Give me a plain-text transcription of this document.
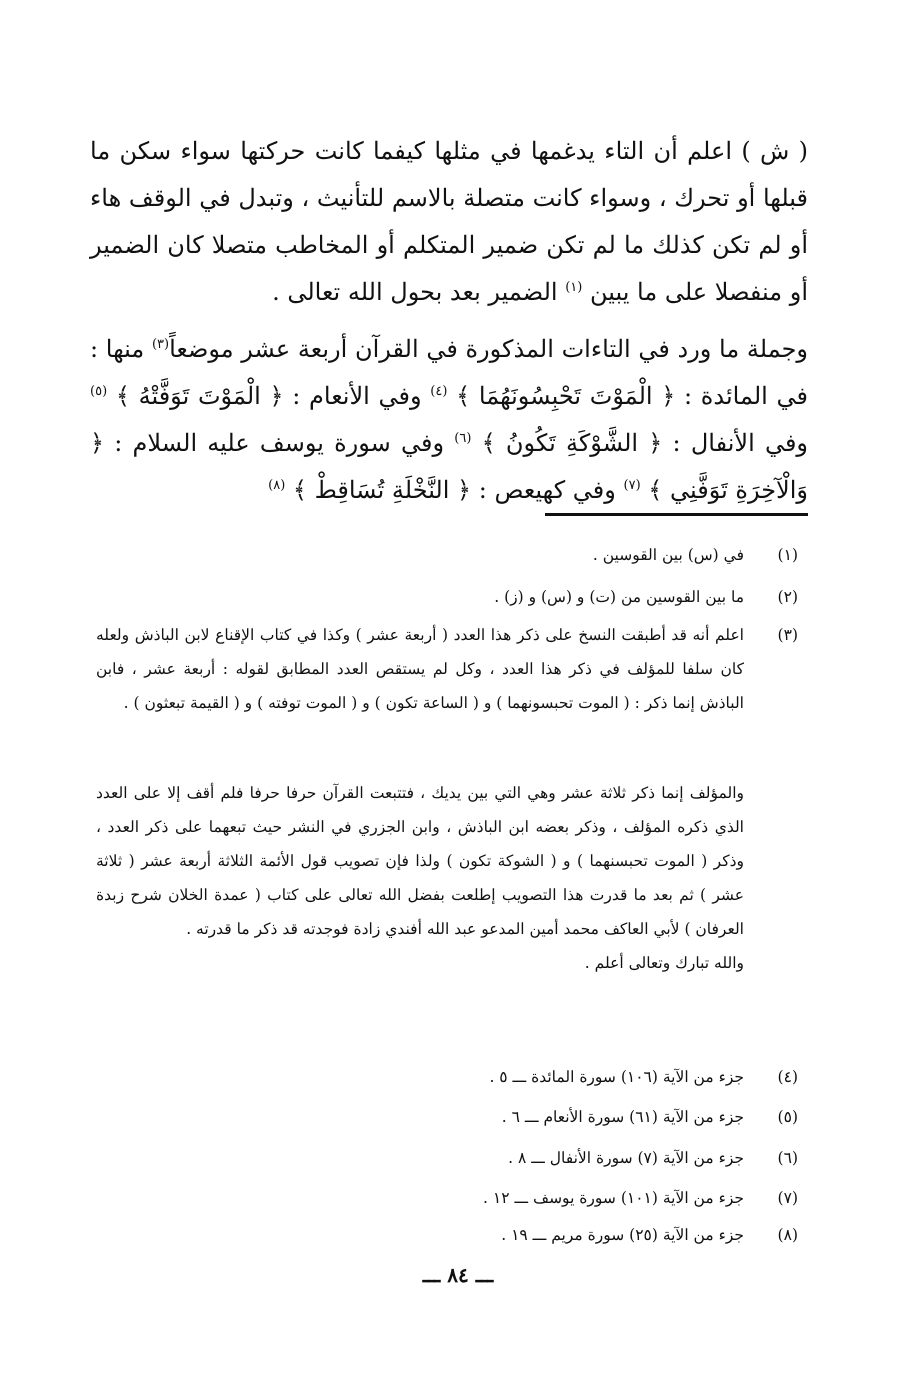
( ش ) اعلم أن التاء يدغمها في مثلها كيفما كانت حركتها سواء سكن ما قبلها أو تحرك ، وسواء كانت متصلة بالاسم للتأنيث ، وتبدل في الوقف هاء أو لم تكن كذلك ما لم تكن ضمير المتكلم أو المخاطب متصلا كان الضمير أو منفصلا على ما يبين $^{(١)}$ الضمير بعد بحول الله تعالى .

وجملة ما ورد في التاءات المذكورة في القرآن أربعة عشر موضعاً$^{(٣)}$ منها : في المائدة : ﴿ الْمَوْتَ تَحْبِسُونَهُمَا ﴾ $^{(٤)}$ وفي الأنعام : ﴿ الْمَوْتَ تَوَفَّتْهُ ﴾ $^{(٥)}$ وفي الأنفال : ﴿ الشَّوْكَةِ تَكُونُ ﴾ $^{(٦)}$ وفي سورة يوسف عليه السلام : ﴿ وَالْآخِرَةِ تَوَفَّنِي ﴾ $^{(٧)}$ وفي كهيعص : ﴿ النَّخْلَةِ تُسَاقِطْ ﴾ $^{(٨)}$

(١)
في (س) بين القوسين .
(٢)
ما بين القوسين من (ت) و (س) و (ز) .
(٣)
اعلم أنه قد أطبقت النسخ على ذكر هذا العدد ( أربعة عشر ) وكذا في كتاب الإقناع لابن الباذش ولعله كان سلفا للمؤلف في ذكر هذا العدد ، وكل لم يستقص العدد المطابق لقوله : أربعة عشر ، فابن الباذش إنما ذكر : ( الموت تحبسونهما ) و ( الساعة تكون ) و ( الموت توفته ) و ( القيمة تبعثون ) .

والمؤلف إنما ذكر ثلاثة عشر وهي التي بين يديك ، فتتبعت القرآن حرفا حرفا فلم أقف إلا على العدد الذي ذكره المؤلف ، وذكر بعضه ابن الباذش ، وابن الجزري في النشر حيث تبعهما على ذكر العدد ، وذكر ( الموت تحبسنهما ) و ( الشوكة تكون ) ولذا فإن تصويب قول الأئمة الثلاثة أربعة عشر ( ثلاثة عشر ) ثم بعد ما قدرت هذا التصويب إطلعت بفضل الله تعالى على كتاب ( عمدة الخلان شرح زبدة العرفان ) لأبي العاكف محمد أمين المدعو عبد الله أفندي زادة فوجدته قد ذكر ما قدرته .

والله تبارك وتعالى أعلم .

(٤)
جزء من الآية (١٠٦) سورة المائدة ـــ ٥ .
(٥)
جزء من الآية (٦١) سورة الأنعام ـــ ٦ .
(٦)
جزء من الآية (٧) سورة الأنفال ـــ ٨ .
(٧)
جزء من الآية (١٠١) سورة يوسف ـــ ١٢ .
(٨)
جزء من الآية (٢٥) سورة مريم ـــ ١٩ .
ـــ ٨٤ ـــ
